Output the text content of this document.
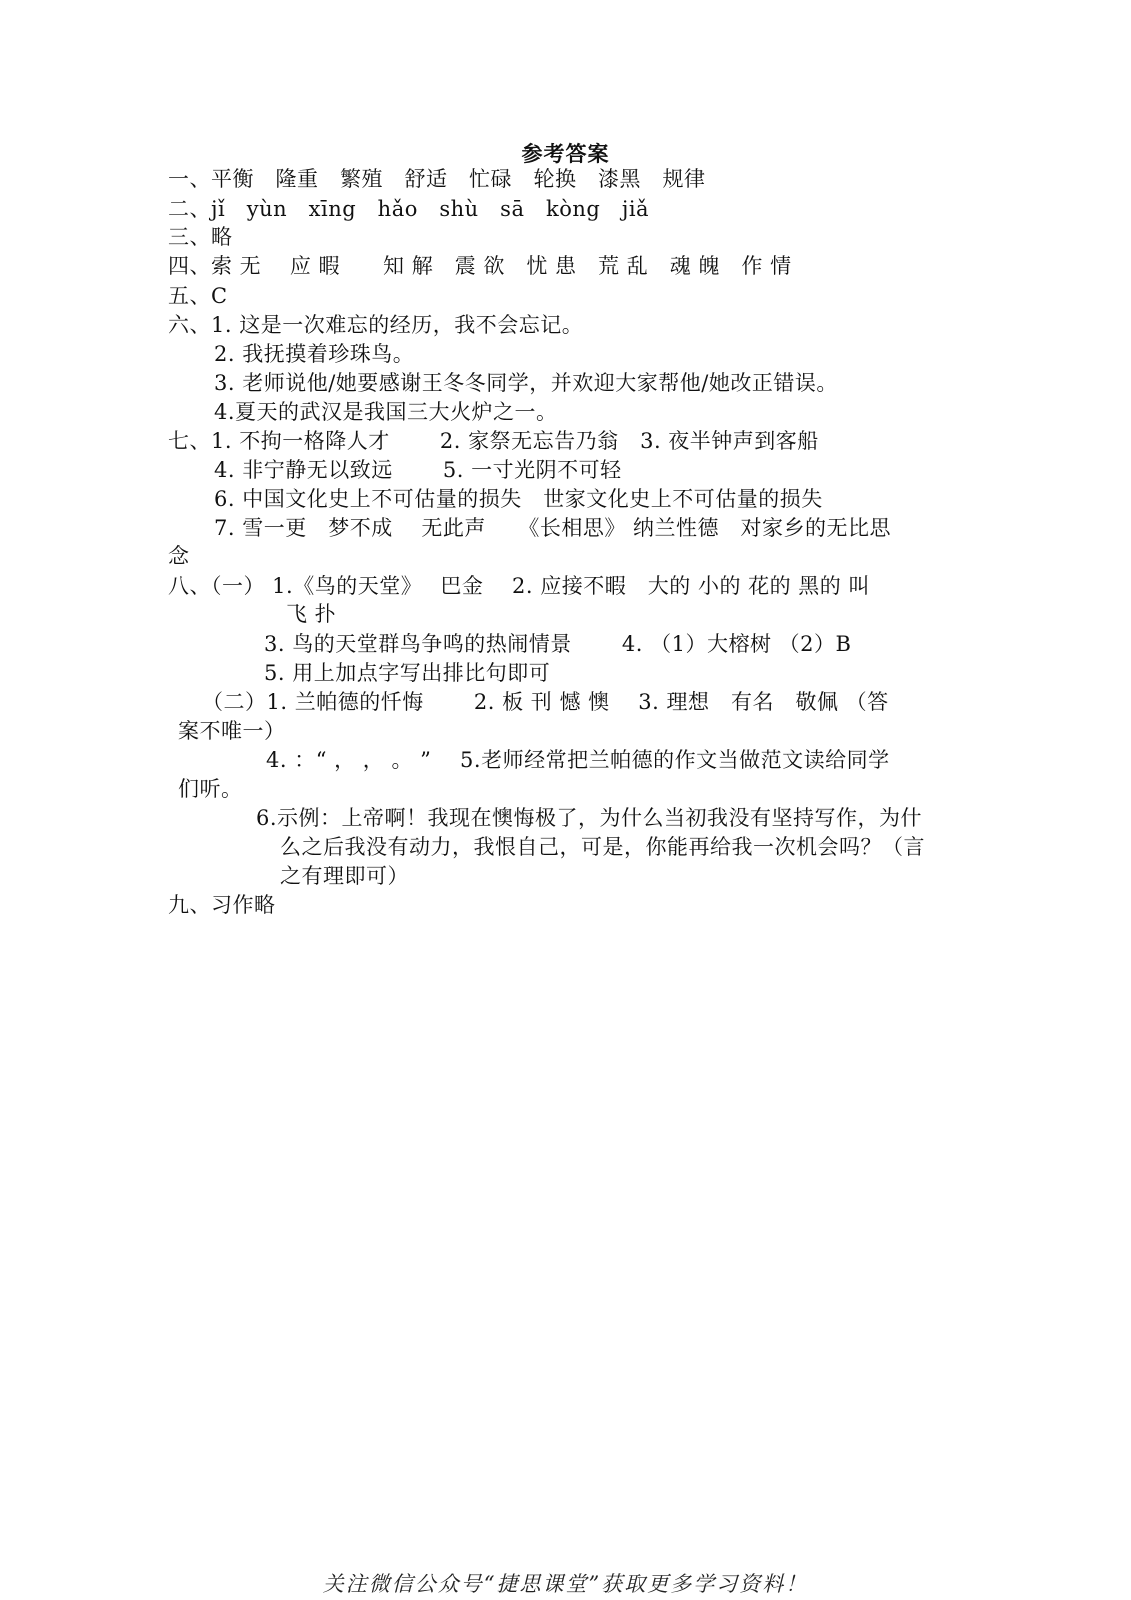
参考答案
一、平衡　隆重　繁殖　舒适　忙碌　轮换　漆黑　规律
二、jǐ　yùn　xīng　hǎo　shù　sā　kòng　jiǎ
三、略
四、索 无　 应 暇　　知 解　震 欲　忧 患　荒 乱　魂 魄　作 情
五、C
六、1. 这是一次难忘的经历，我不会忘记。
2. 我抚摸着珍珠鸟。
3. 老师说他/她要感谢王冬冬同学，并欢迎大家帮他/她改正错误。
4.夏天的武汉是我国三大火炉之一。
七、1. 不拘一格降人才　　 2. 家祭无忘告乃翁　3. 夜半钟声到客船
4. 非宁静无以致远　　 5. 一寸光阴不可轻
6. 中国文化史上不可估量的损失　世家文化史上不可估量的损失
7. 雪一更　梦不成　 无此声　　《长相思》 纳兰性德　对家乡的无比思
念
八、（一） 1.《鸟的天堂》　 巴金　 2. 应接不暇　大的 小的 花的 黑的 叫
飞 扑
3. 鸟的天堂群鸟争鸣的热闹情景　　 4. （1）大榕树 （2）B
5. 用上加点字写出排比句即可
（二）1. 兰帕德的忏悔　　 2. 板 刊 憾 懊　 3. 理想　有名　敬佩 （答
案不唯一）
4. ：“ ， ， 。 ”　 5.老师经常把兰帕德的作文当做范文读给同学
们听。
6.示例：上帝啊！我现在懊悔极了，为什么当初我没有坚持写作，为什
么之后我没有动力，我恨自己，可是，你能再给我一次机会吗？（言
之有理即可）
九、习作略
关注微信公众号“捷思课堂”获取更多学习资料！
